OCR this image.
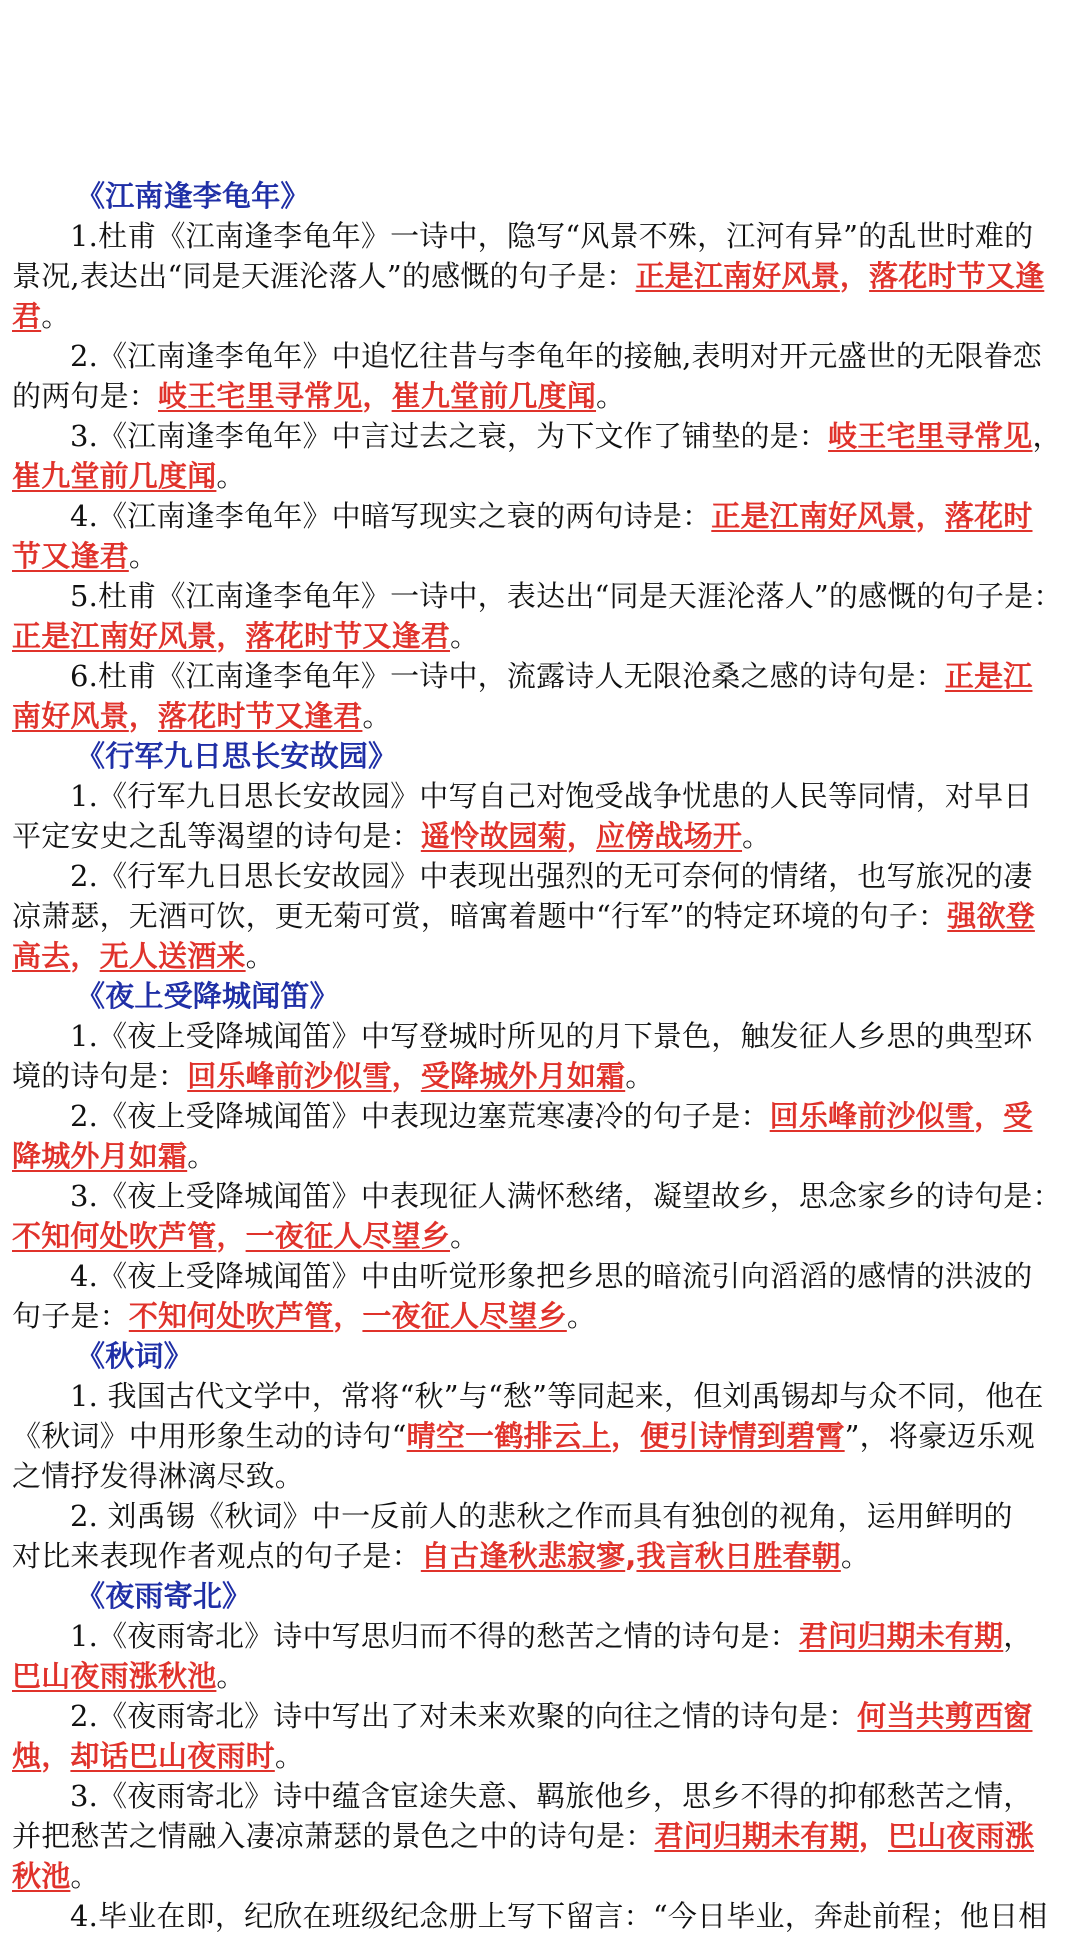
《江南逢李龟年》
1.杜甫《江南逢李龟年》一诗中，隐写“风景不殊，江河有异”的乱世时难的
景况,表达出“同是天涯沦落人”的感慨的句子是：正是江南好风景，落花时节又逢
君。
2.《江南逢李龟年》中追忆往昔与李龟年的接触,表明对开元盛世的无限眷恋
的两句是：岐王宅里寻常见，崔九堂前几度闻。
3.《江南逢李龟年》中言过去之衰，为下文作了铺垫的是：岐王宅里寻常见，
崔九堂前几度闻。
4.《江南逢李龟年》中暗写现实之衰的两句诗是：正是江南好风景，落花时
节又逢君。
5.杜甫《江南逢李龟年》一诗中，表达出“同是天涯沦落人”的感慨的句子是：
正是江南好风景，落花时节又逢君。
6.杜甫《江南逢李龟年》一诗中，流露诗人无限沧桑之感的诗句是：正是江
南好风景，落花时节又逢君。
《行军九日思长安故园》
1.《行军九日思长安故园》中写自己对饱受战争忧患的人民等同情，对早日
平定安史之乱等渴望的诗句是：遥怜故园菊，应傍战场开。
2.《行军九日思长安故园》中表现出强烈的无可奈何的情绪，也写旅况的凄
凉萧瑟，无酒可饮，更无菊可赏，暗寓着题中“行军”的特定环境的句子：强欲登
高去，无人送酒来。
《夜上受降城闻笛》
1.《夜上受降城闻笛》中写登城时所见的月下景色，触发征人乡思的典型环
境的诗句是：回乐峰前沙似雪，受降城外月如霜。
2.《夜上受降城闻笛》中表现边塞荒寒凄冷的句子是：回乐峰前沙似雪，受
降城外月如霜。
3.《夜上受降城闻笛》中表现征人满怀愁绪，凝望故乡，思念家乡的诗句是：
不知何处吹芦管，一夜征人尽望乡。
4.《夜上受降城闻笛》中由听觉形象把乡思的暗流引向滔滔的感情的洪波的
句子是：不知何处吹芦管，一夜征人尽望乡。
《秋词》
1. 我国古代文学中，常将“秋”与“愁”等同起来，但刘禹锡却与众不同，他在
《秋词》中用形象生动的诗句“晴空一鹤排云上，便引诗情到碧霄”，将豪迈乐观
之情抒发得淋漓尽致。
2. 刘禹锡《秋词》中一反前人的悲秋之作而具有独创的视角，运用鲜明的
对比来表现作者观点的句子是：自古逢秋悲寂寥,我言秋日胜春朝。
《夜雨寄北》
1.《夜雨寄北》诗中写思归而不得的愁苦之情的诗句是：君问归期未有期，
巴山夜雨涨秋池。
2.《夜雨寄北》诗中写出了对未来欢聚的向往之情的诗句是：何当共剪西窗
烛，却话巴山夜雨时。
3.《夜雨寄北》诗中蕴含宦途失意、羁旅他乡，思乡不得的抑郁愁苦之情，
并把愁苦之情融入凄凉萧瑟的景色之中的诗句是：君问归期未有期，巴山夜雨涨
秋池。
4.毕业在即，纪欣在班级纪念册上写下留言：“今日毕业，奔赴前程；他日相
